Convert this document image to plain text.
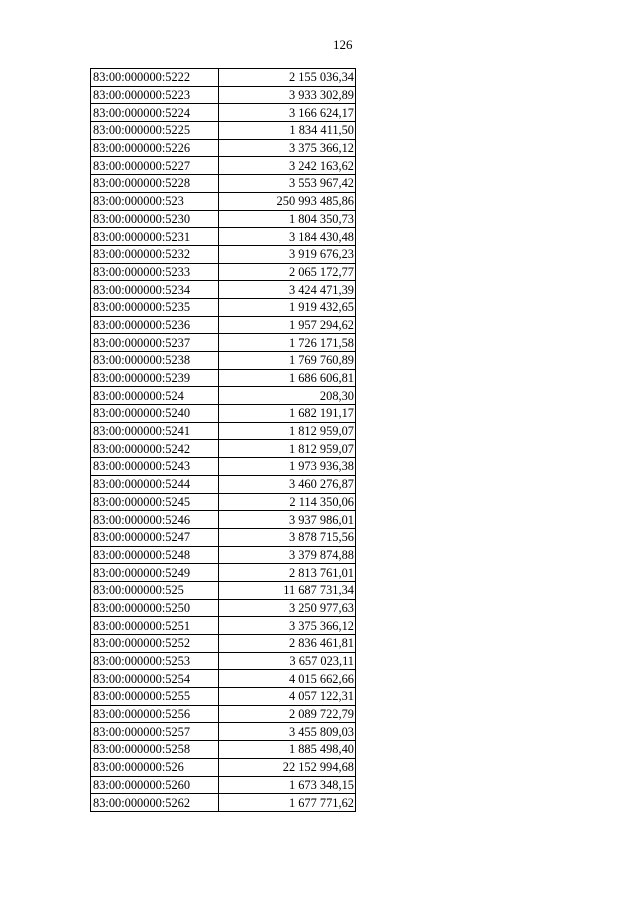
126
83:00:000000:5222	2 155 036,34
83:00:000000:5223	3 933 302,89
83:00:000000:5224	3 166 624,17
83:00:000000:5225	1 834 411,50
83:00:000000:5226	3 375 366,12
83:00:000000:5227	3 242 163,62
83:00:000000:5228	3 553 967,42
83:00:000000:523	250 993 485,86
83:00:000000:5230	1 804 350,73
83:00:000000:5231	3 184 430,48
83:00:000000:5232	3 919 676,23
83:00:000000:5233	2 065 172,77
83:00:000000:5234	3 424 471,39
83:00:000000:5235	1 919 432,65
83:00:000000:5236	1 957 294,62
83:00:000000:5237	1 726 171,58
83:00:000000:5238	1 769 760,89
83:00:000000:5239	1 686 606,81
83:00:000000:524	208,30
83:00:000000:5240	1 682 191,17
83:00:000000:5241	1 812 959,07
83:00:000000:5242	1 812 959,07
83:00:000000:5243	1 973 936,38
83:00:000000:5244	3 460 276,87
83:00:000000:5245	2 114 350,06
83:00:000000:5246	3 937 986,01
83:00:000000:5247	3 878 715,56
83:00:000000:5248	3 379 874,88
83:00:000000:5249	2 813 761,01
83:00:000000:525	11 687 731,34
83:00:000000:5250	3 250 977,63
83:00:000000:5251	3 375 366,12
83:00:000000:5252	2 836 461,81
83:00:000000:5253	3 657 023,11
83:00:000000:5254	4 015 662,66
83:00:000000:5255	4 057 122,31
83:00:000000:5256	2 089 722,79
83:00:000000:5257	3 455 809,03
83:00:000000:5258	1 885 498,40
83:00:000000:526	22 152 994,68
83:00:000000:5260	1 673 348,15
83:00:000000:5262	1 677 771,62
